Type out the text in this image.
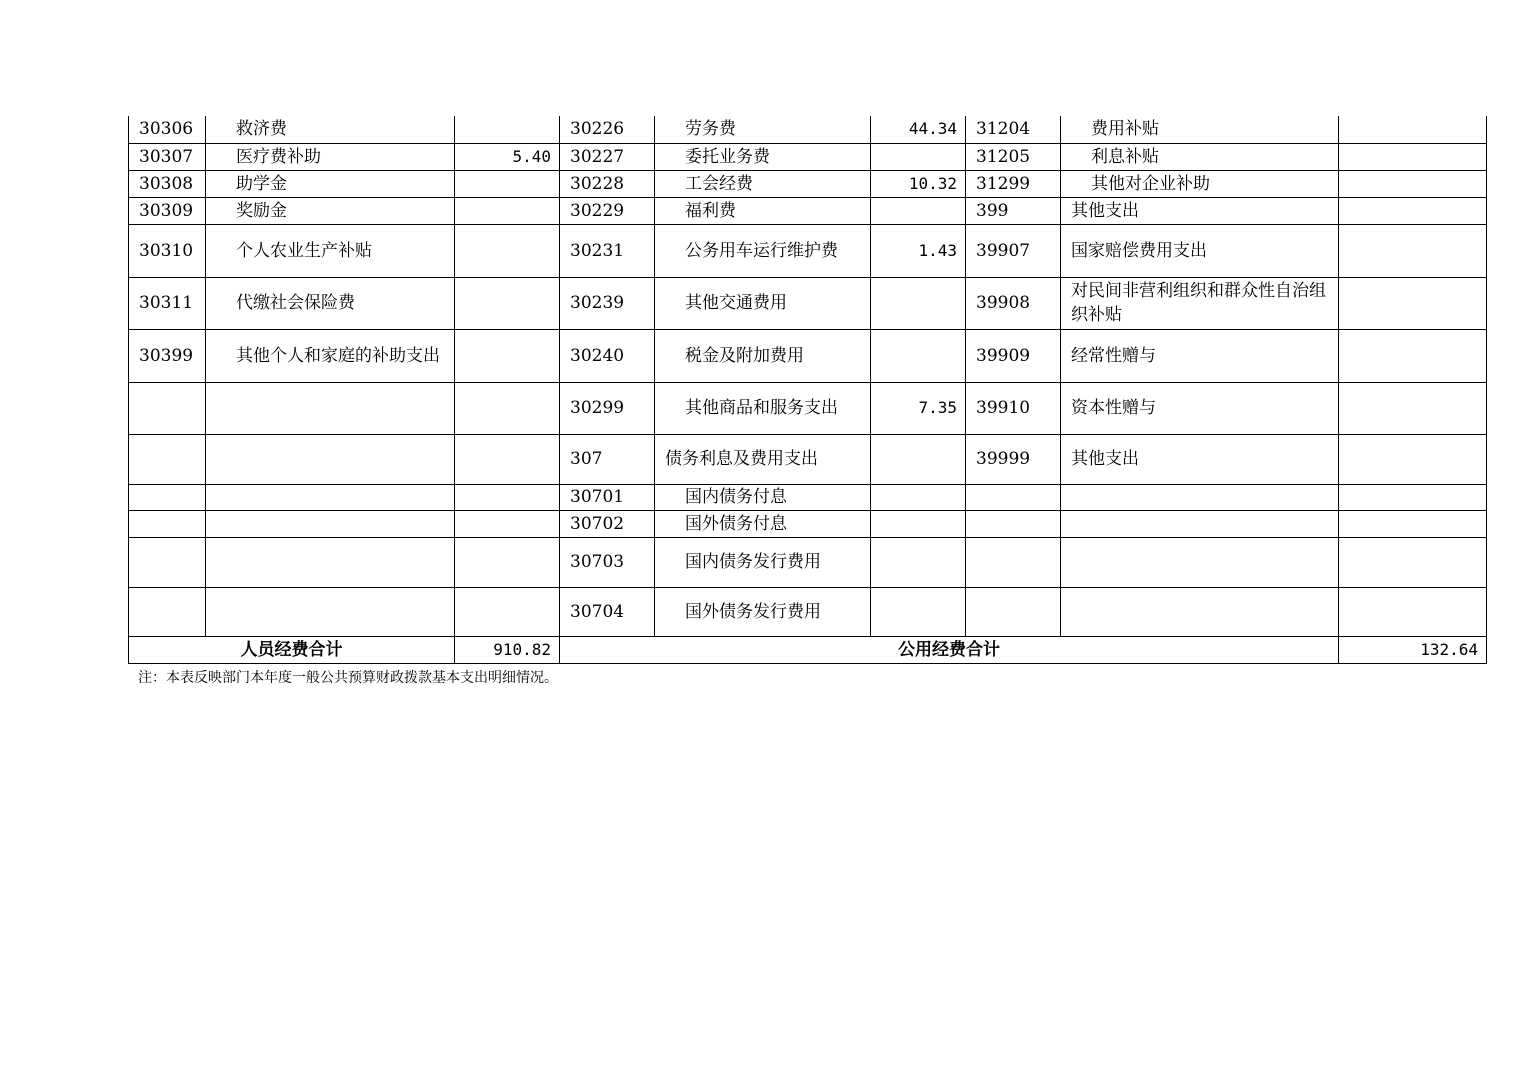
30306	救济费		30226	劳务费	44.34	31204	费用补贴	
30307	医疗费补助	5.40	30227	委托业务费		31205	利息补贴	
30308	助学金		30228	工会经费	10.32	31299	其他对企业补助	
30309	奖励金		30229	福利费		399	其他支出	
30310	个人农业生产补贴		30231	公务用车运行维护费	1.43	39907	国家赔偿费用支出	
30311	代缴社会保险费		30239	其他交通费用		39908	对民间非营利组织和群众性自治组织补贴	
30399	其他个人和家庭的补助支出		30240	税金及附加费用		39909	经常性赠与	
			30299	其他商品和服务支出	7.35	39910	资本性赠与	
			307	债务利息及费用支出		39999	其他支出	
			30701	国内债务付息				
			30702	国外债务付息				
			30703	国内债务发行费用				
			30704	国外债务发行费用				
人员经费合计		910.82	公用经费合计					132.64
注：本表反映部门本年度一般公共预算财政拨款基本支出明细情况。
